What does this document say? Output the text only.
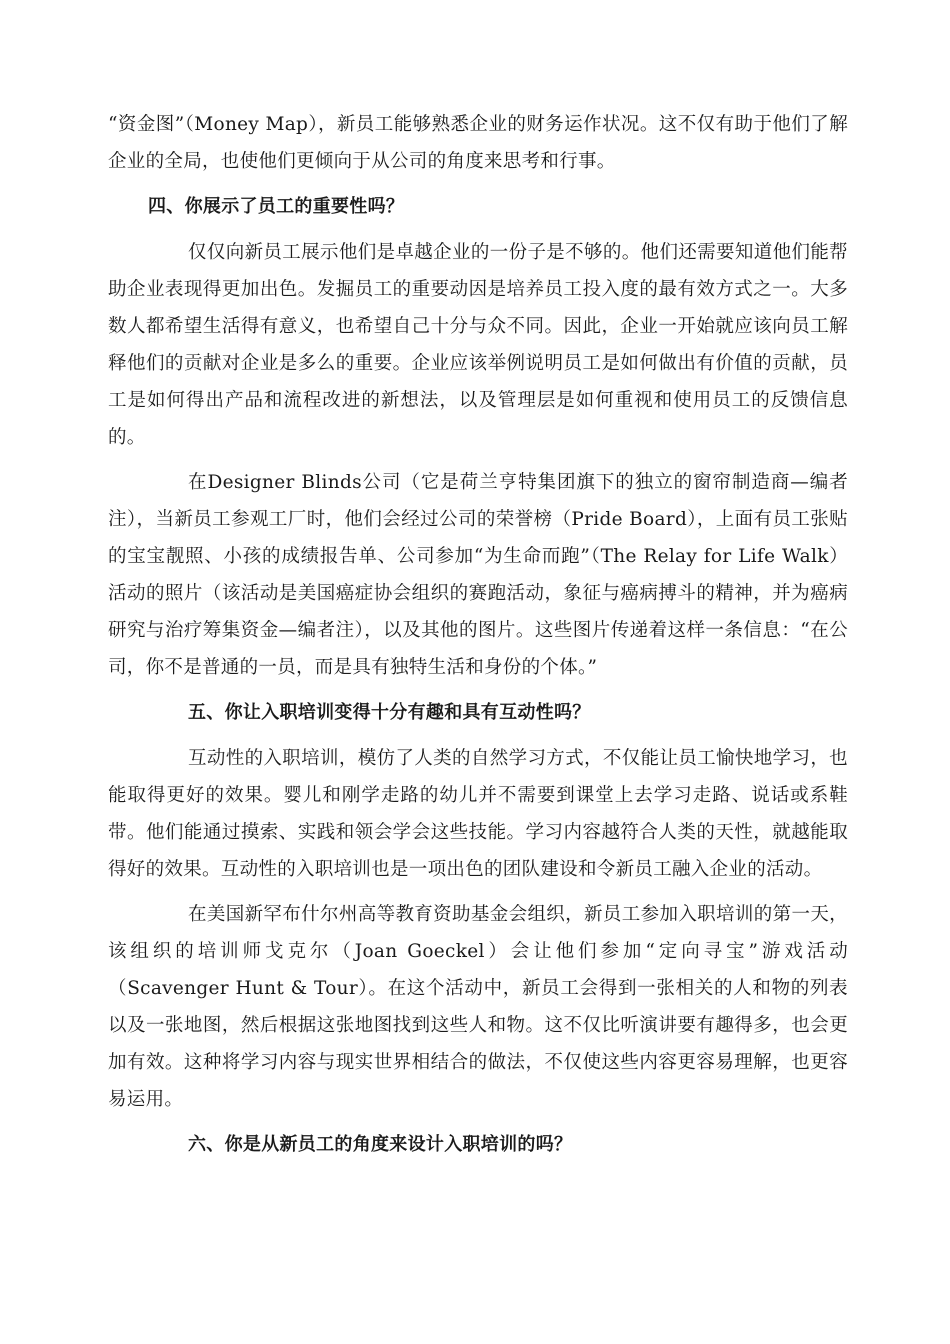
“资金图”（Money Map），新员工能够熟悉企业的财务运作状况。这不仅有助于他们了解企业的全局，也使他们更倾向于从公司的角度来思考和行事。

四、你展示了员工的重要性吗？

仅仅向新员工展示他们是卓越企业的一份子是不够的。他们还需要知道他们能帮助企业表现得更加出色。发掘员工的重要动因是培养员工投入度的最有效方式之一。大多数人都希望生活得有意义，也希望自己十分与众不同。因此，企业一开始就应该向员工解释他们的贡献对企业是多么的重要。企业应该举例说明员工是如何做出有价值的贡献，员工是如何得出产品和流程改进的新想法，以及管理层是如何重视和使用员工的反馈信息的。

在Designer Blinds公司（它是荷兰亨特集团旗下的独立的窗帘制造商—编者注），当新员工参观工厂时，他们会经过公司的荣誉榜（Pride Board），上面有员工张贴的宝宝靓照、小孩的成绩报告单、公司参加“为生命而跑”（The Relay for Life Walk）活动的照片（该活动是美国癌症协会组织的赛跑活动，象征与癌病搏斗的精神，并为癌病研究与治疗筹集资金—编者注），以及其他的图片。这些图片传递着这样一条信息：“在公司，你不是普通的一员，而是具有独特生活和身份的个体。”

五、你让入职培训变得十分有趣和具有互动性吗？

互动性的入职培训，模仿了人类的自然学习方式，不仅能让员工愉快地学习，也能取得更好的效果。婴儿和刚学走路的幼儿并不需要到课堂上去学习走路、说话或系鞋带。他们能通过摸索、实践和领会学会这些技能。学习内容越符合人类的天性，就越能取得好的效果。互动性的入职培训也是一项出色的团队建设和令新员工融入企业的活动。

在美国新罕布什尔州高等教育资助基金会组织，新员工参加入职培训的第一天，该组织的培训师戈克尔（Joan Goeckel）会让他们参加“定向寻宝”游戏活动（Scavenger Hunt & Tour）。在这个活动中，新员工会得到一张相关的人和物的列表以及一张地图，然后根据这张地图找到这些人和物。这不仅比听演讲要有趣得多，也会更加有效。这种将学习内容与现实世界相结合的做法，不仅使这些内容更容易理解，也更容易运用。

六、你是从新员工的角度来设计入职培训的吗？
